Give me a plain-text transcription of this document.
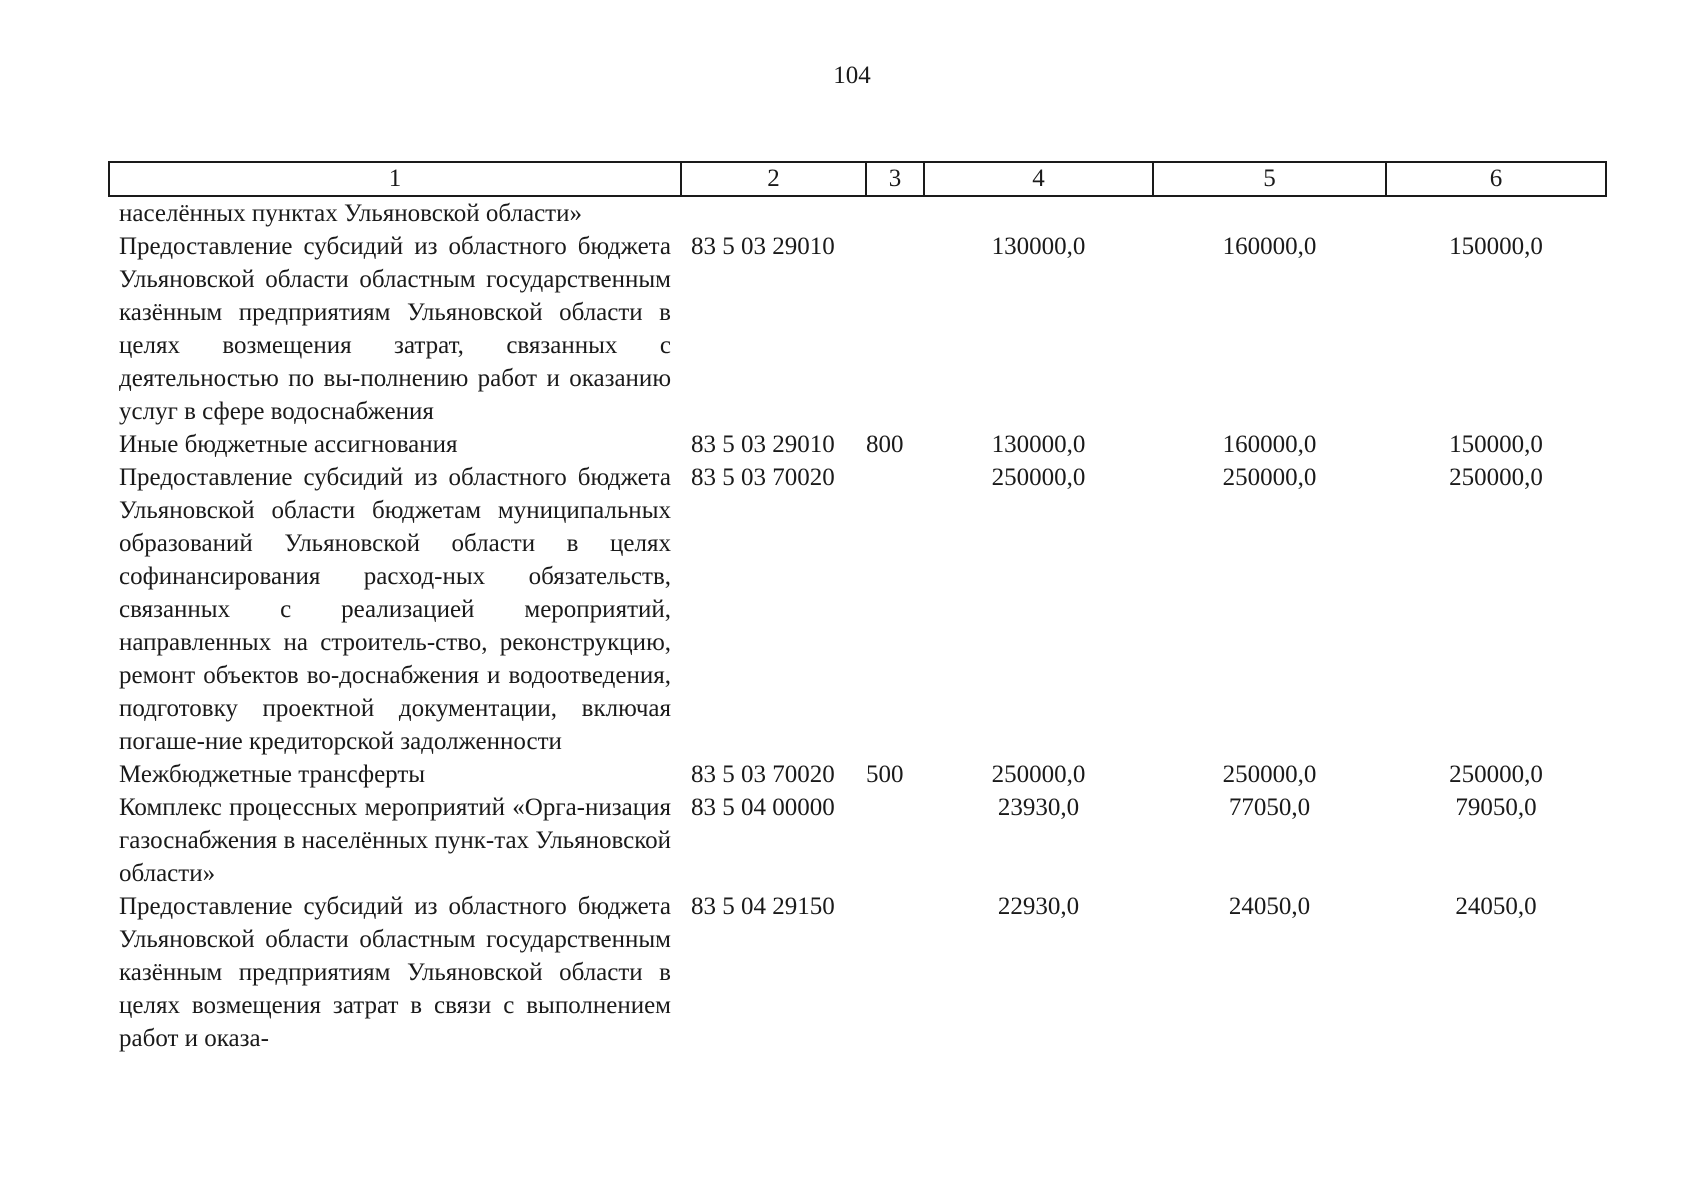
104
1	2	3	4	5	6
населённых пунктах Ульяновской области»					
Предоставление субсидий из областного бюджета Ульяновской области областным государственным казённым предприятиям Ульяновской области в целях возмещения затрат, связанных с деятельностью по вы-полнению работ и оказанию услуг в сфере водоснабжения	83 5 03 29010		130000,0	160000,0	150000,0
Иные бюджетные ассигнования	83 5 03 29010	800	130000,0	160000,0	150000,0
Предоставление субсидий из областного бюджета Ульяновской области бюджетам муниципальных образований Ульяновской области в целях софинансирования расход-ных обязательств, связанных с реализацией мероприятий, направленных на строитель-ство, реконструкцию, ремонт объектов во-доснабжения и водоотведения, подготовку проектной документации, включая погаше-ние кредиторской задолженности	83 5 03 70020		250000,0	250000,0	250000,0
Межбюджетные трансферты	83 5 03 70020	500	250000,0	250000,0	250000,0
Комплекс процессных мероприятий «Орга-низация газоснабжения в населённых пунк-тах Ульяновской области»	83 5 04 00000		23930,0	77050,0	79050,0
Предоставление субсидий из областного бюджета Ульяновской области областным государственным казённым предприятиям Ульяновской области в целях возмещения затрат в связи с выполнением работ и оказа-	83 5 04 29150		22930,0	24050,0	24050,0
